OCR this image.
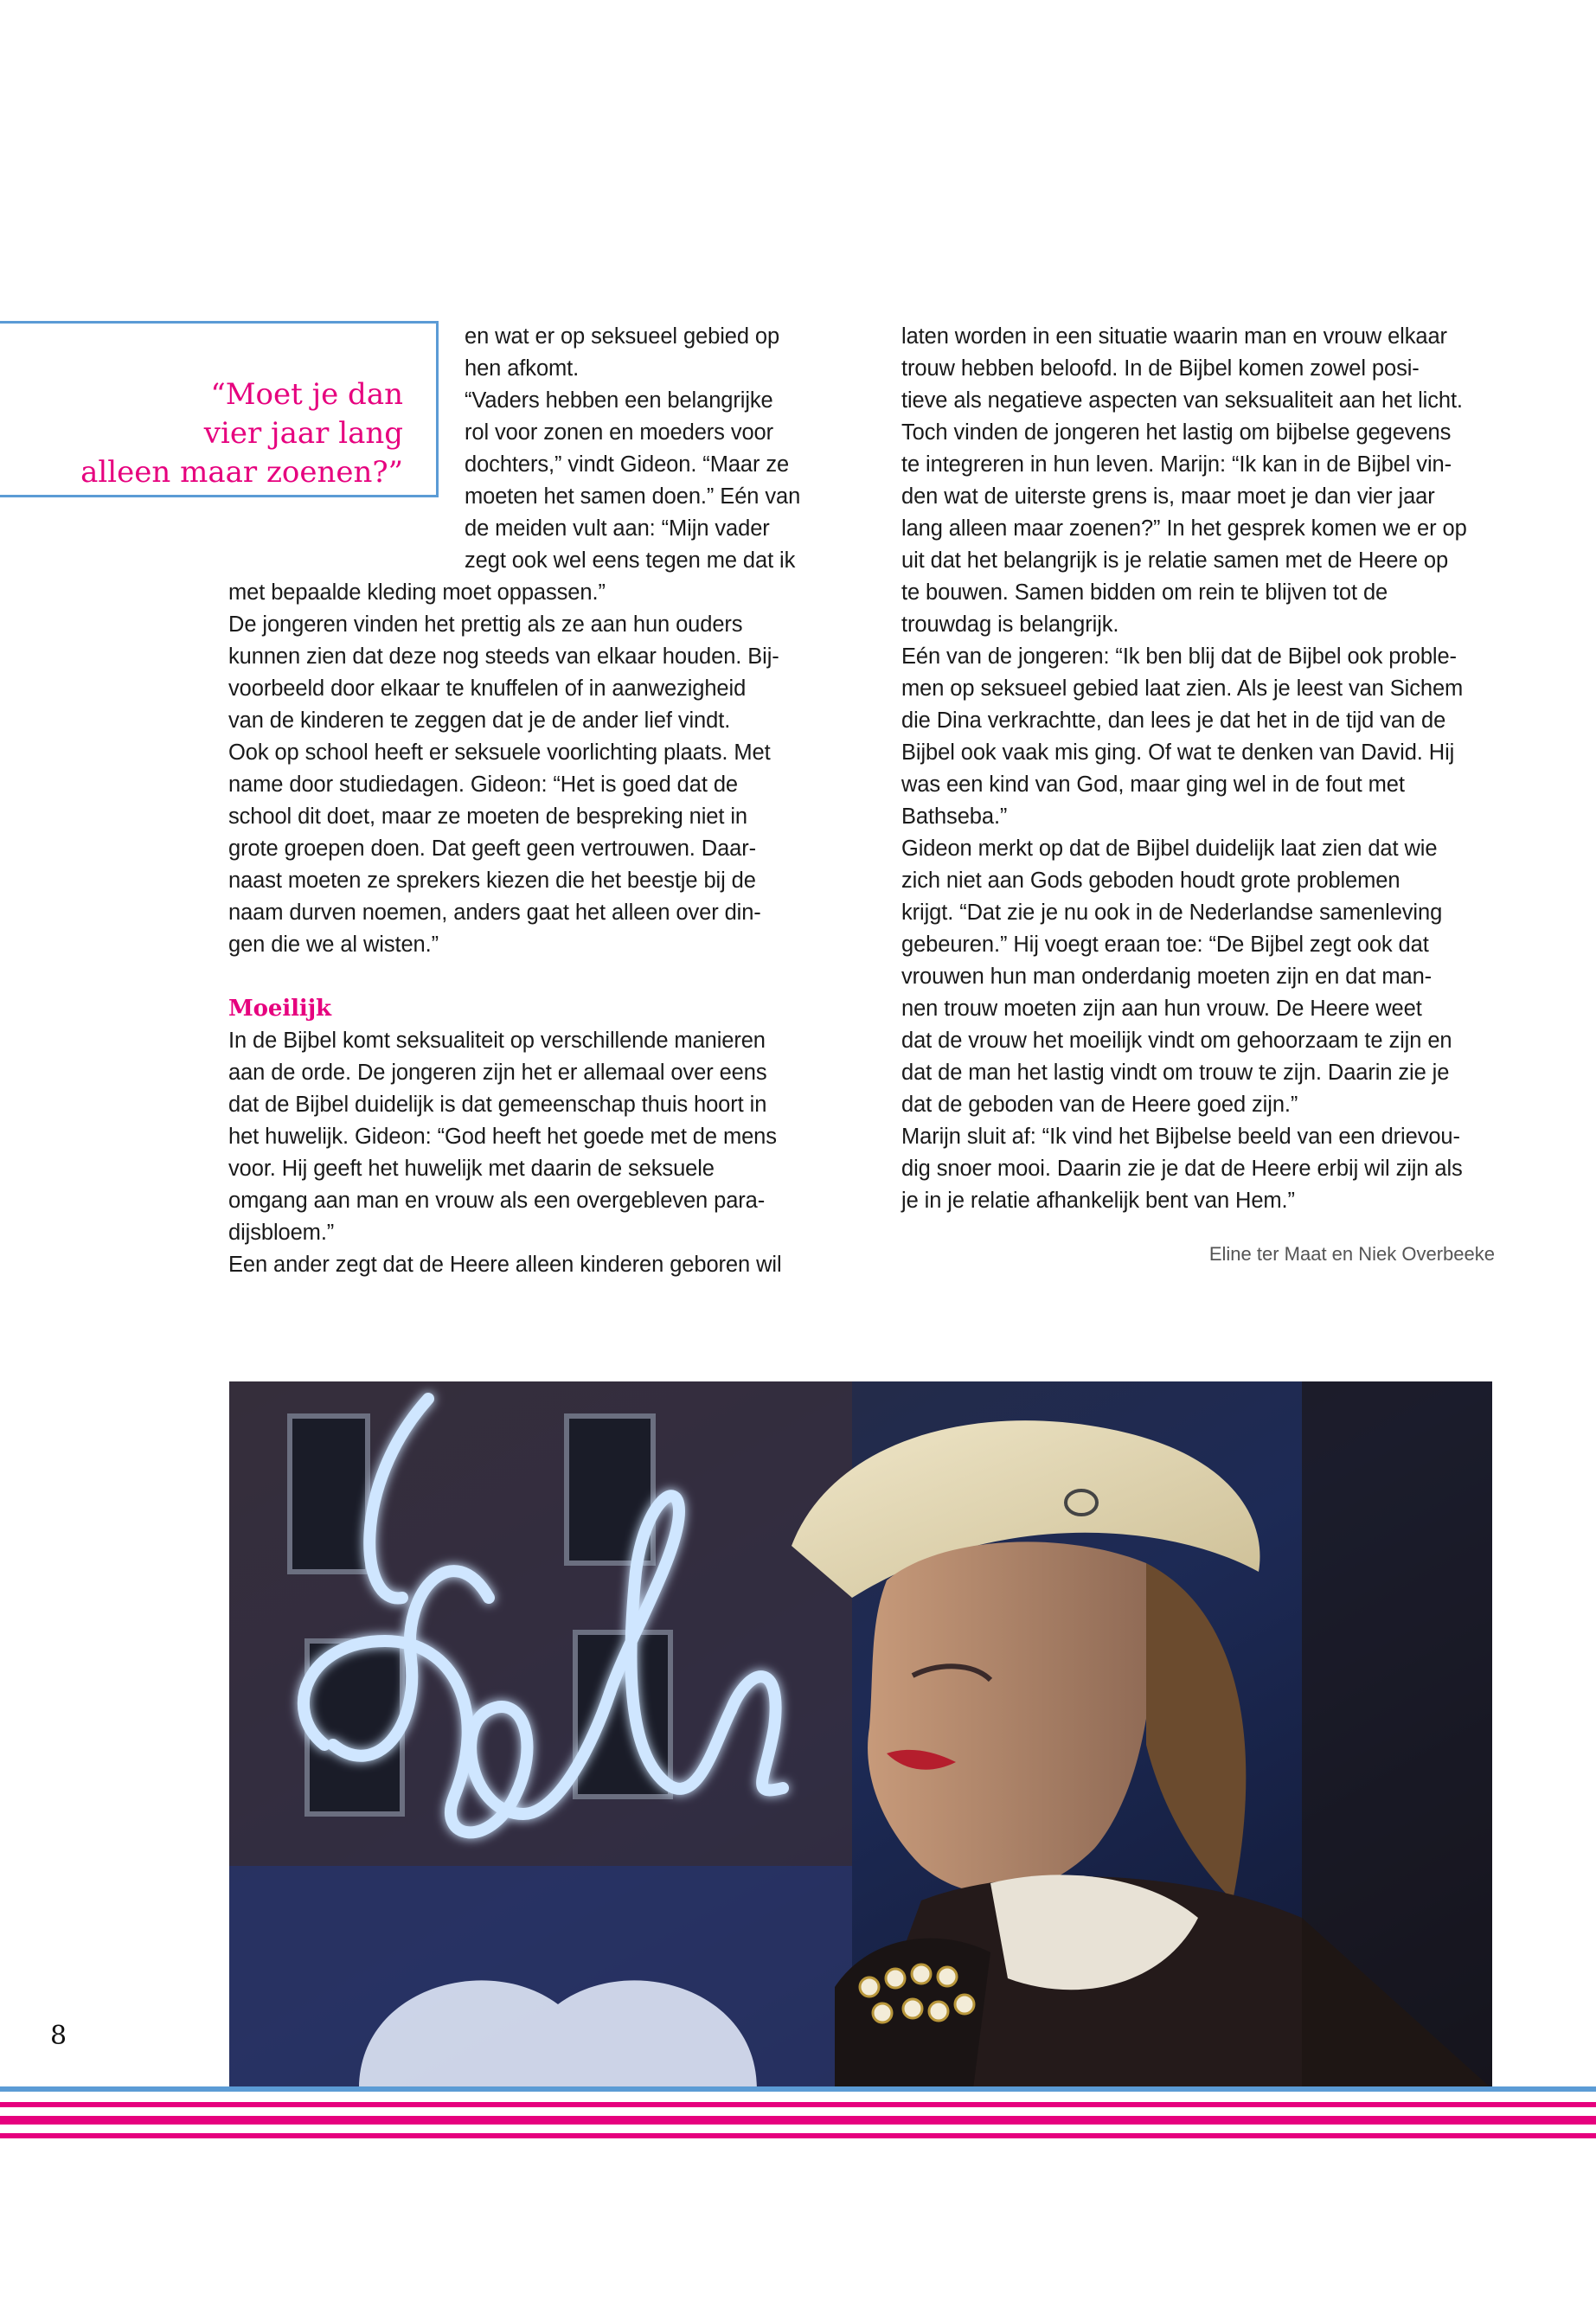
“Moet je dan
vier jaar lang
alleen maar zoenen?”

en wat er op seksueel gebied op

hen afkomt.

“Vaders hebben een belangrijke

rol voor zonen en moeders voor

dochters,” vindt Gideon. “Maar ze

moeten het samen doen.” Eén van

de meiden vult aan: “Mijn vader

zegt ook wel eens tegen me dat ik

met bepaalde kleding moet oppassen.”

De jongeren vinden het prettig als ze aan hun ouders

kunnen zien dat deze nog steeds van elkaar houden. Bij-

voorbeeld door elkaar te knuffelen of in aanwezigheid

van de kinderen te zeggen dat je de ander lief vindt.

Ook op school heeft er seksuele voorlichting plaats. Met

name door studiedagen. Gideon: “Het is goed dat de

school dit doet, maar ze moeten de bespreking niet in

grote groepen doen. Dat geeft geen vertrouwen. Daar-

naast moeten ze sprekers kiezen die het beestje bij de

naam durven noemen, anders gaat het alleen over din-

gen die we al wisten.”

Moeilijk

In de Bijbel komt seksualiteit op verschillende manieren

aan de orde. De jongeren zijn het er allemaal over eens

dat de Bijbel duidelijk is dat gemeenschap thuis hoort in

het huwelijk. Gideon: “God heeft het goede met de mens

voor. Hij geeft het huwelijk met daarin de seksuele

omgang aan man en vrouw als een overgebleven para-

dijsbloem.”

Een ander zegt dat de Heere alleen kinderen geboren wil

laten worden in een situatie waarin man en vrouw elkaar

trouw hebben beloofd. In de Bijbel komen zowel posi-

tieve als negatieve aspecten van seksualiteit aan het licht.

Toch vinden de jongeren het lastig om bijbelse gegevens

te integreren in hun leven. Marijn: “Ik kan in de Bijbel vin-

den wat de uiterste grens is, maar moet je dan vier jaar

lang alleen maar zoenen?” In het gesprek komen we er op

uit dat het belangrijk is je relatie samen met de Heere op

te bouwen. Samen bidden om rein te blijven tot de

trouwdag is belangrijk.

Eén van de jongeren: “Ik ben blij dat de Bijbel ook proble-

men op seksueel gebied laat zien. Als je leest van Sichem

die Dina verkrachtte, dan lees je dat het in de tijd van de

Bijbel ook vaak mis ging. Of wat te denken van David. Hij

was een kind van God, maar ging wel in de fout met

Bathseba.”

Gideon merkt op dat de Bijbel duidelijk laat zien dat wie

zich niet aan Gods geboden houdt grote problemen

krijgt. “Dat zie je nu ook in de Nederlandse samenleving

gebeuren.” Hij voegt eraan toe: “De Bijbel zegt ook dat

vrouwen hun man onderdanig moeten zijn en dat man-

nen trouw moeten zijn aan hun vrouw. De Heere weet

dat de vrouw het moeilijk vindt om gehoorzaam te zijn en

dat de man het lastig vindt om trouw te zijn. Daarin zie je

dat de geboden van de Heere goed zijn.”

Marijn sluit af: “Ik vind het Bijbelse beeld van een drievou-

dig snoer mooi. Daarin zie je dat de Heere erbij wil zijn als

je in je relatie afhankelijk bent van Hem.”

Eline ter Maat en Niek Overbeeke
8
